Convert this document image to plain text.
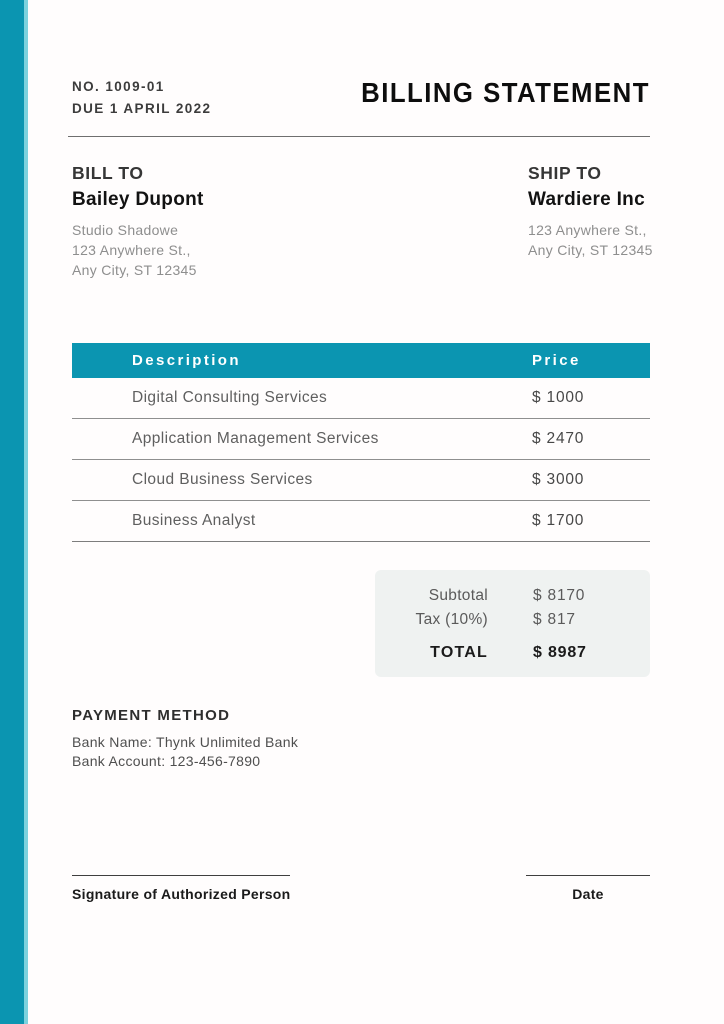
NO. 1009-01
DUE 1 APRIL 2022
BILLING STATEMENT
BILL TO
Bailey Dupont
Studio Shadowe
123 Anywhere St.,
Any City, ST 12345
SHIP TO
Wardiere Inc
123 Anywhere St.,
Any City, ST 12345
Description	Price
Digital Consulting Services	$ 1000
Application Management Services	$ 2470
Cloud Business Services	$ 3000
Business Analyst	$ 1700
Subtotal	$ 8170
Tax (10%)	$ 817
TOTAL	$ 8987
PAYMENT METHOD
Bank Name: Thynk Unlimited Bank
Bank Account: 123-456-7890
Signature of Authorized Person	Date
